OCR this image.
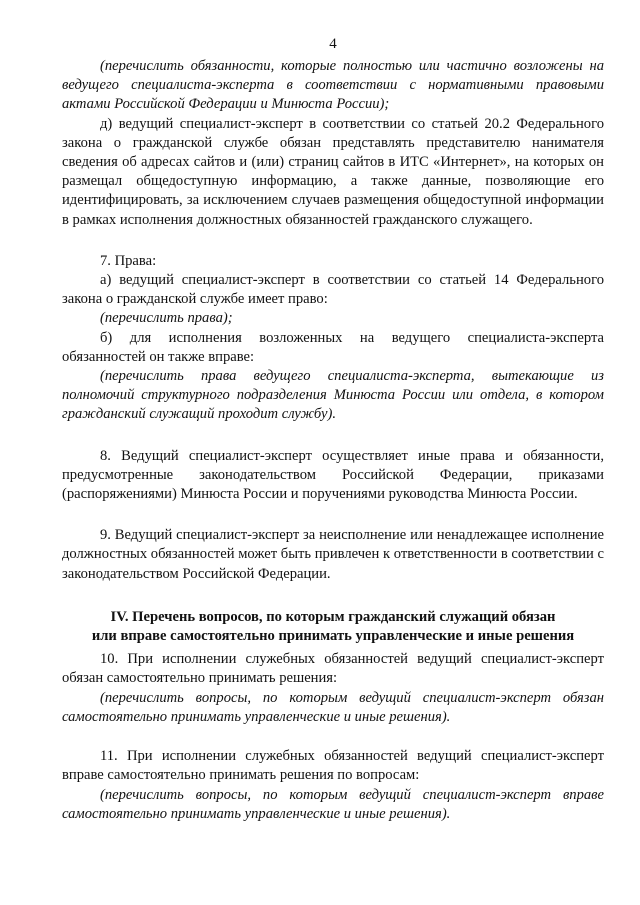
4

(перечислить обязанности, которые полностью или частично возложены на ведущего специалиста-эксперта в соответствии с нормативными правовыми актами Российской Федерации и Минюста России);

д) ведущий специалист-эксперт в соответствии со статьей 20.2 Федерального закона о гражданской службе обязан представлять представителю нанимателя сведения об адресах сайтов и (или) страниц сайтов в ИТС «Интернет», на которых он размещал общедоступную информацию, а также данные, позволяющие его идентифицировать, за исключением случаев размещения общедоступной информации в рамках исполнения должностных обязанностей гражданского служащего.

7. Права:

а) ведущий специалист-эксперт в соответствии со статьей 14 Федерального закона о гражданской службе имеет право:

(перечислить права);

б) для исполнения возложенных на ведущего специалиста-эксперта обязанностей он также вправе:

(перечислить права ведущего специалиста-эксперта, вытекающие из полномочий структурного подразделения Минюста России или отдела, в котором гражданский служащий проходит службу).

8. Ведущий специалист-эксперт осуществляет иные права и обязанности, предусмотренные законодательством Российской Федерации, приказами (распоряжениями) Минюста России и поручениями руководства Минюста России.

9. Ведущий специалист-эксперт за неисполнение или ненадлежащее исполнение должностных обязанностей может быть привлечен к ответственности в соответствии с законодательством Российской Федерации.

IV. Перечень вопросов, по которым гражданский служащий обязан
или вправе самостоятельно принимать управленческие и иные решения

10. При исполнении служебных обязанностей ведущий специалист-эксперт обязан самостоятельно принимать решения:

(перечислить вопросы, по которым ведущий специалист-эксперт обязан самостоятельно принимать управленческие и иные решения).

11. При исполнении служебных обязанностей ведущий специалист-эксперт вправе самостоятельно принимать решения по вопросам:

(перечислить вопросы, по которым ведущий специалист-эксперт вправе самостоятельно принимать управленческие и иные решения).
